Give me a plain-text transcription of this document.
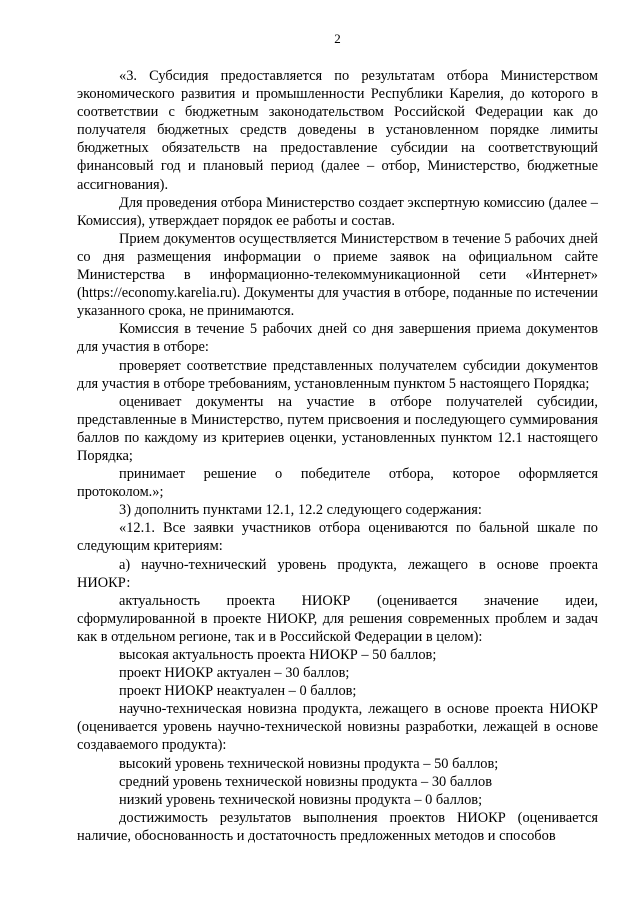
2

«3. Субсидия предоставляется по результатам отбора Министерством экономического развития и промышленности Республики Карелия, до которого в соответствии с бюджетным законодательством Российской Федерации как до получателя бюджетных средств доведены в установленном порядке лимиты бюджетных обязательств на предоставление субсидии на соответствующий финансовый год и плановый период (далее – отбор, Министерство, бюджетные ассигнования).

Для проведения отбора Министерство создает экспертную комиссию (далее – Комиссия), утверждает порядок ее работы и состав.

Прием документов осуществляется Министерством в течение 5 рабочих дней со дня размещения информации о приеме заявок на официальном сайте Министерства в информационно-телекоммуникационной сети «Интернет» (https://economy.karelia.ru). Документы для участия в отборе, поданные по истечении указанного срока, не принимаются.

Комиссия в течение 5 рабочих дней со дня завершения приема документов для участия в отборе:

проверяет соответствие представленных получателем субсидии документов для участия в отборе требованиям, установленным пунктом 5 настоящего Порядка;

оценивает документы на участие в отборе получателей субсидии, представленные в Министерство, путем присвоения и последующего суммирования баллов по каждому из критериев оценки, установленных пунктом 12.1 настоящего Порядка;

принимает решение о победителе отбора, которое оформляется протоколом.»;

3) дополнить пунктами 12.1, 12.2 следующего содержания:

«12.1. Все заявки участников отбора оцениваются по бальной шкале по следующим критериям:

а) научно-технический уровень продукта, лежащего в основе проекта НИОКР:

актуальность проекта НИОКР (оценивается значение идеи, сформулированной в проекте НИОКР, для решения современных проблем и задач как в отдельном регионе, так и в Российской Федерации в целом):

высокая актуальность проекта НИОКР – 50 баллов;

проект НИОКР актуален – 30 баллов;

проект НИОКР неактуален – 0 баллов;

научно-техническая новизна продукта, лежащего в основе проекта НИОКР (оценивается уровень научно-технической новизны разработки, лежащей в основе создаваемого продукта):

высокий уровень технической новизны продукта – 50 баллов;

средний уровень технической новизны продукта – 30 баллов

низкий уровень технической новизны продукта – 0 баллов;

достижимость результатов выполнения проектов НИОКР (оценивается наличие, обоснованность и достаточность предложенных методов и способов
